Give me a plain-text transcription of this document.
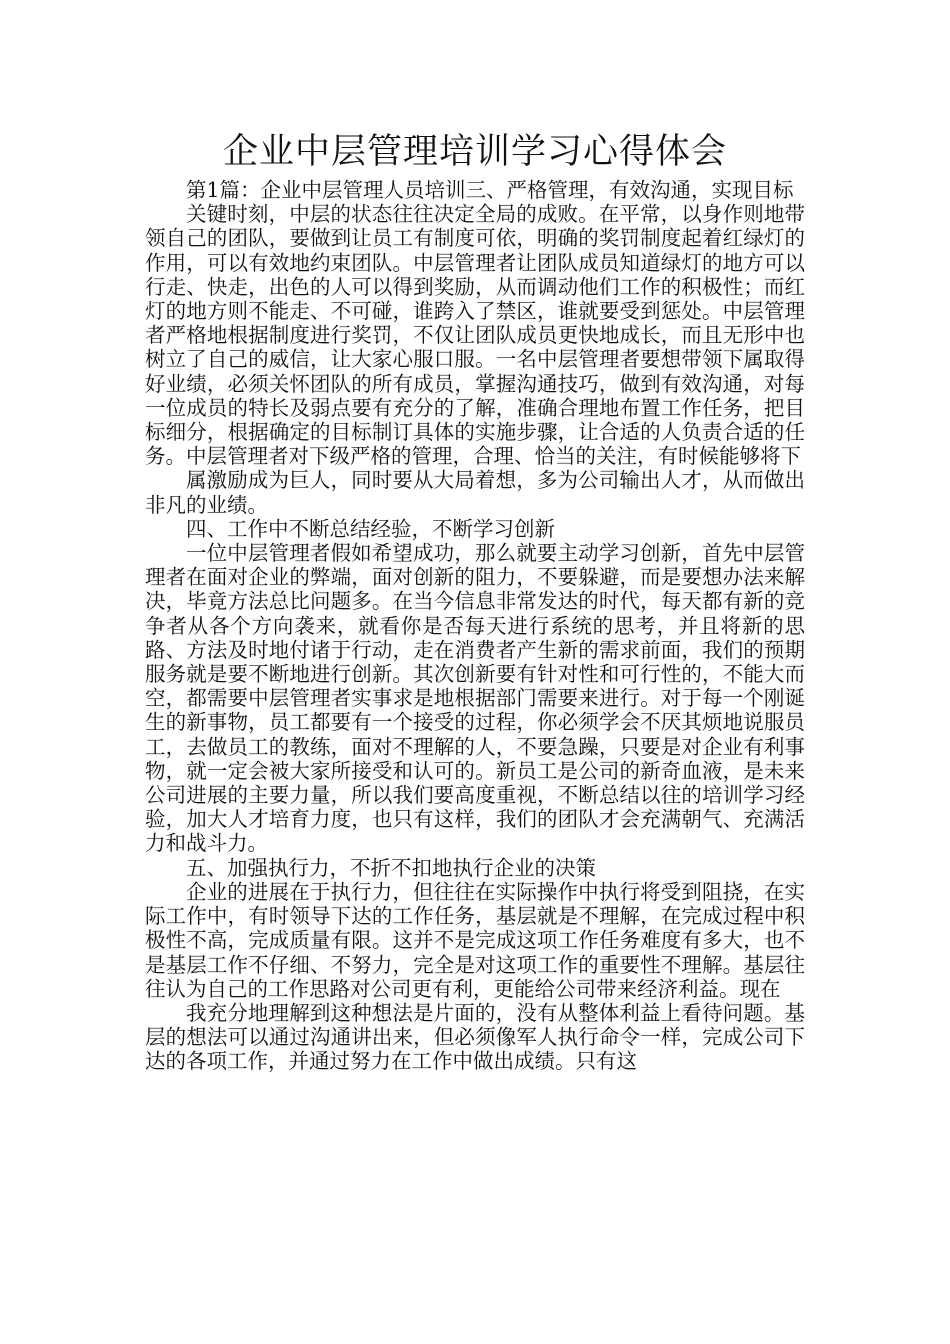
企业中层管理培训学习心得体会

第1篇：企业中层管理人员培训三、严格管理，有效沟通，实现目标

关键时刻，中层的状态往往决定全局的成败。在平常，以身作则地带领自己的团队，要做到让员工有制度可依，明确的奖罚制度起着红绿灯的作用，可以有效地约束团队。中层管理者让团队成员知道绿灯的地方可以行走、快走，出色的人可以得到奖励，从而调动他们工作的积极性；而红灯的地方则不能走、不可碰，谁跨入了禁区，谁就要受到惩处。中层管理者严格地根据制度进行奖罚，不仅让团队成员更快地成长，而且无形中也树立了自己的威信，让大家心服口服。一名中层管理者要想带领下属取得好业绩，必须关怀团队的所有成员，掌握沟通技巧，做到有效沟通，对每一位成员的特长及弱点要有充分的了解，准确合理地布置工作任务，把目标细分，根据确定的目标制订具体的实施步骤，让合适的人负责合适的任务。中层管理者对下级严格的管理，合理、恰当的关注，有时候能够将下

属激励成为巨人，同时要从大局着想，多为公司输出人才，从而做出非凡的业绩。

四、工作中不断总结经验，不断学习创新

一位中层管理者假如希望成功，那么就要主动学习创新，首先中层管理者在面对企业的弊端，面对创新的阻力，不要躲避，而是要想办法来解决，毕竟方法总比问题多。在当今信息非常发达的时代，每天都有新的竞争者从各个方向袭来，就看你是否每天进行系统的思考，并且将新的思路、方法及时地付诸于行动，走在消费者产生新的需求前面，我们的预期服务就是要不断地进行创新。其次创新要有针对性和可行性的，不能大而空，都需要中层管理者实事求是地根据部门需要来进行。对于每一个刚诞生的新事物，员工都要有一个接受的过程，你必须学会不厌其烦地说服员工，去做员工的教练，面对不理解的人，不要急躁，只要是对企业有利事物，就一定会被大家所接受和认可的。新员工是公司的新奇血液，是未来公司进展的主要力量，所以我们要高度重视，不断总结以往的培训学习经验，加大人才培育力度，也只有这样，我们的团队才会充满朝气、充满活力和战斗力。

五、加强执行力，不折不扣地执行企业的决策

企业的进展在于执行力，但往往在实际操作中执行将受到阻挠，在实际工作中，有时领导下达的工作任务，基层就是不理解，在完成过程中积极性不高，完成质量有限。这并不是完成这项工作任务难度有多大，也不是基层工作不仔细、不努力，完全是对这项工作的重要性不理解。基层往往认为自己的工作思路对公司更有利，更能给公司带来经济利益。现在

我充分地理解到这种想法是片面的，没有从整体利益上看待问题。基层的想法可以通过沟通讲出来，但必须像军人执行命令一样，完成公司下达的各项工作，并通过努力在工作中做出成绩。只有这
